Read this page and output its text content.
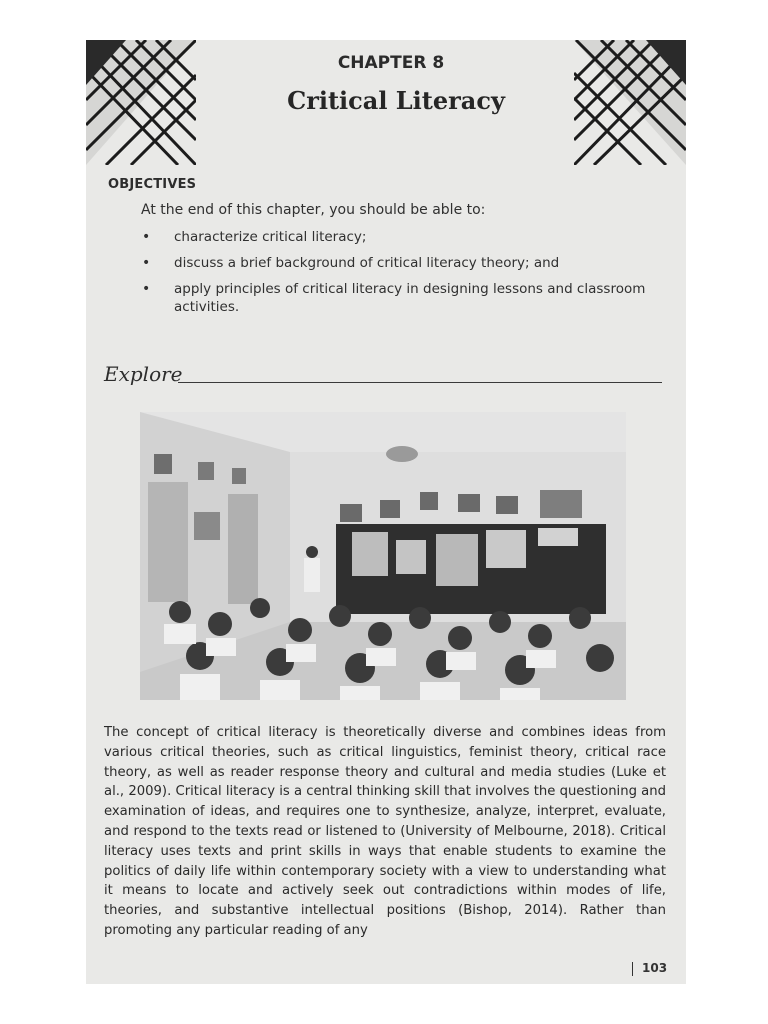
CHAPTER 8
Critical Literacy
OBJECTIVES
At the end of this chapter, you should be able to:
• characterize critical literacy;
• discuss a brief background of critical literacy theory; and
• apply principles of critical literacy in designing lessons and classroom activities.
Explore

The concept of critical literacy is theoretically diverse and combines ideas from various critical theories, such as critical linguistics, feminist theory, critical race theory, as well as reader response theory and cultural and media studies (Luke et al., 2009). Critical literacy is a central thinking skill that involves the questioning and examination of ideas, and requires one to synthesize, analyze, interpret, evaluate, and respond to the texts read or listened to (University of Melbourne, 2018). Critical literacy uses texts and print skills in ways that enable students to examine the politics of daily life within contemporary society with a view to understanding what it means to locate and actively seek out contradictions within modes of life, theories, and substantive intellectual positions (Bishop, 2014). Rather than promoting any particular reading of any

103
